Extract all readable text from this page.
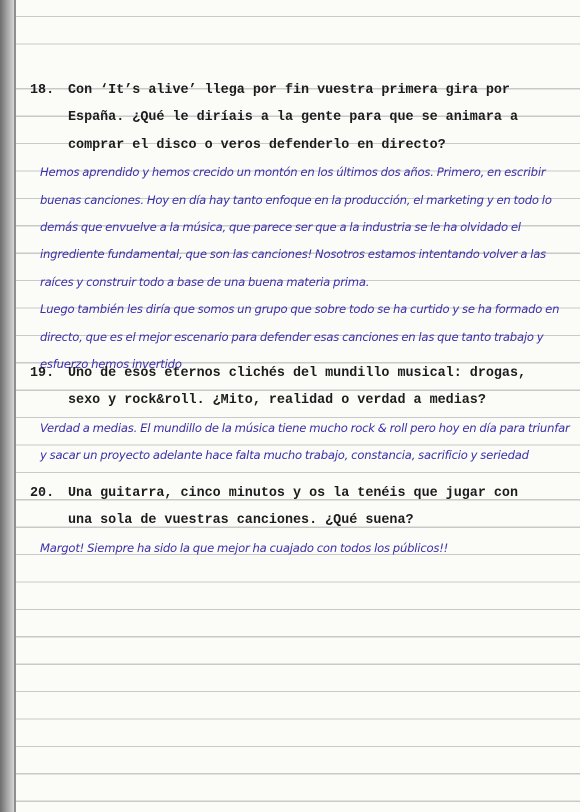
18. Con ‘It’s alive’ llega por fin vuestra primera gira por
España. ¿Qué le diríais a la gente para que se animara a
comprar el disco o veros defenderlo en directo?

Hemos aprendido y hemos crecido un montón en los últimos dos años. Primero, en escribir buenas canciones. Hoy en día hay tanto enfoque en la producción, el marketing y en todo lo demás que envuelve a la música, que parece ser que a la industria se le ha olvidado el ingrediente fundamental, que son las canciones! Nosotros estamos intentando volver a las raíces y construir todo a base de una buena materia prima.
Luego también les diría que somos un grupo que sobre todo se ha curtido y se ha formado en directo, que es el mejor escenario para defender esas canciones en las que tanto trabajo y esfuerzo hemos invertido

19. Uno de esos eternos clichés del mundillo musical: drogas,
sexo y rock&roll. ¿Mito, realidad o verdad a medias?

Verdad a medias. El mundillo de la música tiene mucho rock & roll pero hoy en día para triunfar y sacar un proyecto adelante hace falta mucho trabajo, constancia, sacrificio y seriedad

20. Una guitarra, cinco minutos y os la tenéis que jugar con
una sola de vuestras canciones. ¿Qué suena?

Margot! Siempre ha sido la que mejor ha cuajado con todos los públicos!!
